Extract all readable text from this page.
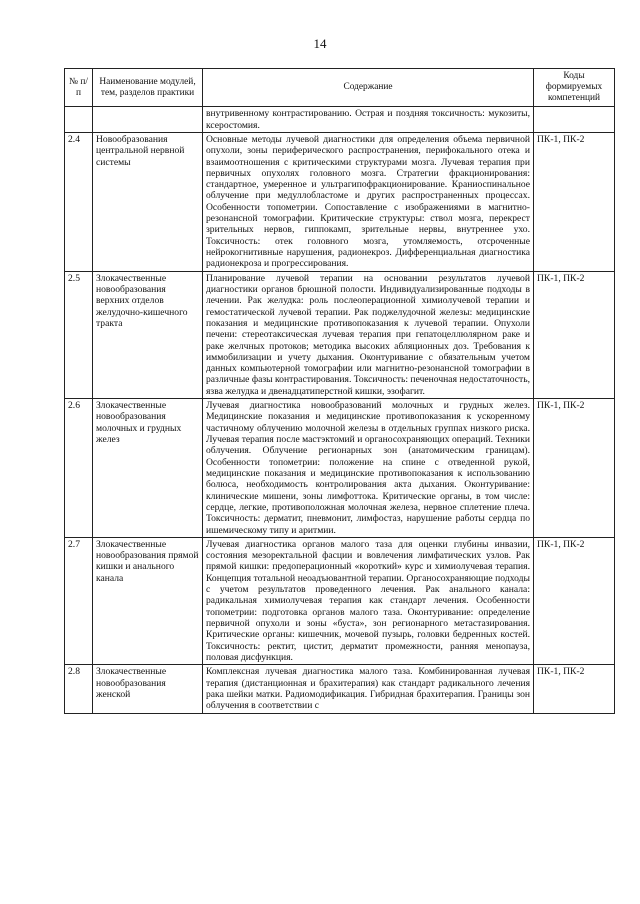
14
№ п/п	Наименование модулей, тем, разделов практики	Содержание	Коды формируемых компетенций
		внутривенному контрастированию. Острая и поздняя токсичность: мукозиты, ксеростомия.	
2.4	Новообразования центральной нервной системы	Основные методы лучевой диагностики для определения объема первичной опухоли, зоны периферического распространения, перифокального отека и взаимоотношения с критическими структурами мозга. Лучевая терапия при первичных опухолях головного мозга. Стратегии фракционирования: стандартное, умеренное и ультрагипофракционирование. Краниоспинальное облучение при медуллобластоме и других распространенных процессах. Особенности топометрии. Сопоставление с изображениями в магнитно-резонансной томографии. Критические структуры: ствол мозга, перекрест зрительных нервов, гиппокамп, зрительные нервы, внутреннее ухо. Токсичность: отек головного мозга, утомляемость, отсроченные нейрокогнитивные нарушения, радионекроз. Дифференциальная диагностика радионекроза и прогрессирования.	ПК-1, ПК-2
2.5	Злокачественные новообразования верхних отделов желудочно-кишечного тракта	Планирование лучевой терапии на основании результатов лучевой диагностики органов брюшной полости. Индивидуализированные подходы в лечении. Рак желудка: роль послеоперационной химиолучевой терапии и гемостатической лучевой терапии. Рак поджелудочной железы: медицинские показания и медицинские противопоказания к лучевой терапии. Опухоли печени: стереотаксическая лучевая терапия при гепатоцеллюлярном раке и раке желчных протоков; методика высоких абляционных доз. Требования к иммобилизации и учету дыхания. Оконтуривание с обязательным учетом данных компьютерной томографии или магнитно-резонансной томографии в различные фазы контрастирования. Токсичность: печеночная недостаточность, язва желудка и двенадцатиперстной кишки, эзофагит.	ПК-1, ПК-2
2.6	Злокачественные новообразования молочных и грудных желез	Лучевая диагностика новообразований молочных и грудных желез. Медицинские показания и медицинские противопоказания к ускоренному частичному облучению молочной железы в отдельных группах низкого риска. Лучевая терапия после мастэктомий и органосохраняющих операций. Техники облучения. Облучение регионарных зон (анатомическим границам). Особенности топометрии: положение на спине с отведенной рукой, медицинские показания и медицинские противопоказания к использованию болюса, необходимость контролирования акта дыхания. Оконтуривание: клинические мишени, зоны лимфоттока. Критические органы, в том числе: сердце, легкие, противоположная молочная железа, нервное сплетение плеча. Токсичность: дерматит, пневмонит, лимфостаз, нарушение работы сердца по ишемическому типу и аритмии.	ПК-1, ПК-2
2.7	Злокачественные новообразования прямой кишки и анального канала	Лучевая диагностика органов малого таза для оценки глубины инвазии, состояния мезоректальной фасции и вовлечения лимфатических узлов. Рак прямой кишки: предоперационный «короткий» курс и химиолучевая терапия. Концепция тотальной неоадъювантной терапии. Органосохраняющие подходы с учетом результатов проведенного лечения. Рак анального канала: радикальная химиолучевая терапия как стандарт лечения. Особенности топометрии: подготовка органов малого таза. Оконтуривание: определение первичной опухоли и зоны «буста», зон регионарного метастазирования. Критические органы: кишечник, мочевой пузырь, головки бедренных костей. Токсичность: ректит, цистит, дерматит промежности, ранняя менопауза, половая дисфункция.	ПК-1, ПК-2
2.8	Злокачественные новообразования женской	Комплексная лучевая диагностика малого таза. Комбинированная лучевая терапия (дистанционная и брахитерапия) как стандарт радикального лечения рака шейки матки. Радиомодификация. Гибридная брахитерапия. Границы зон облучения в соответствии с	ПК-1, ПК-2
